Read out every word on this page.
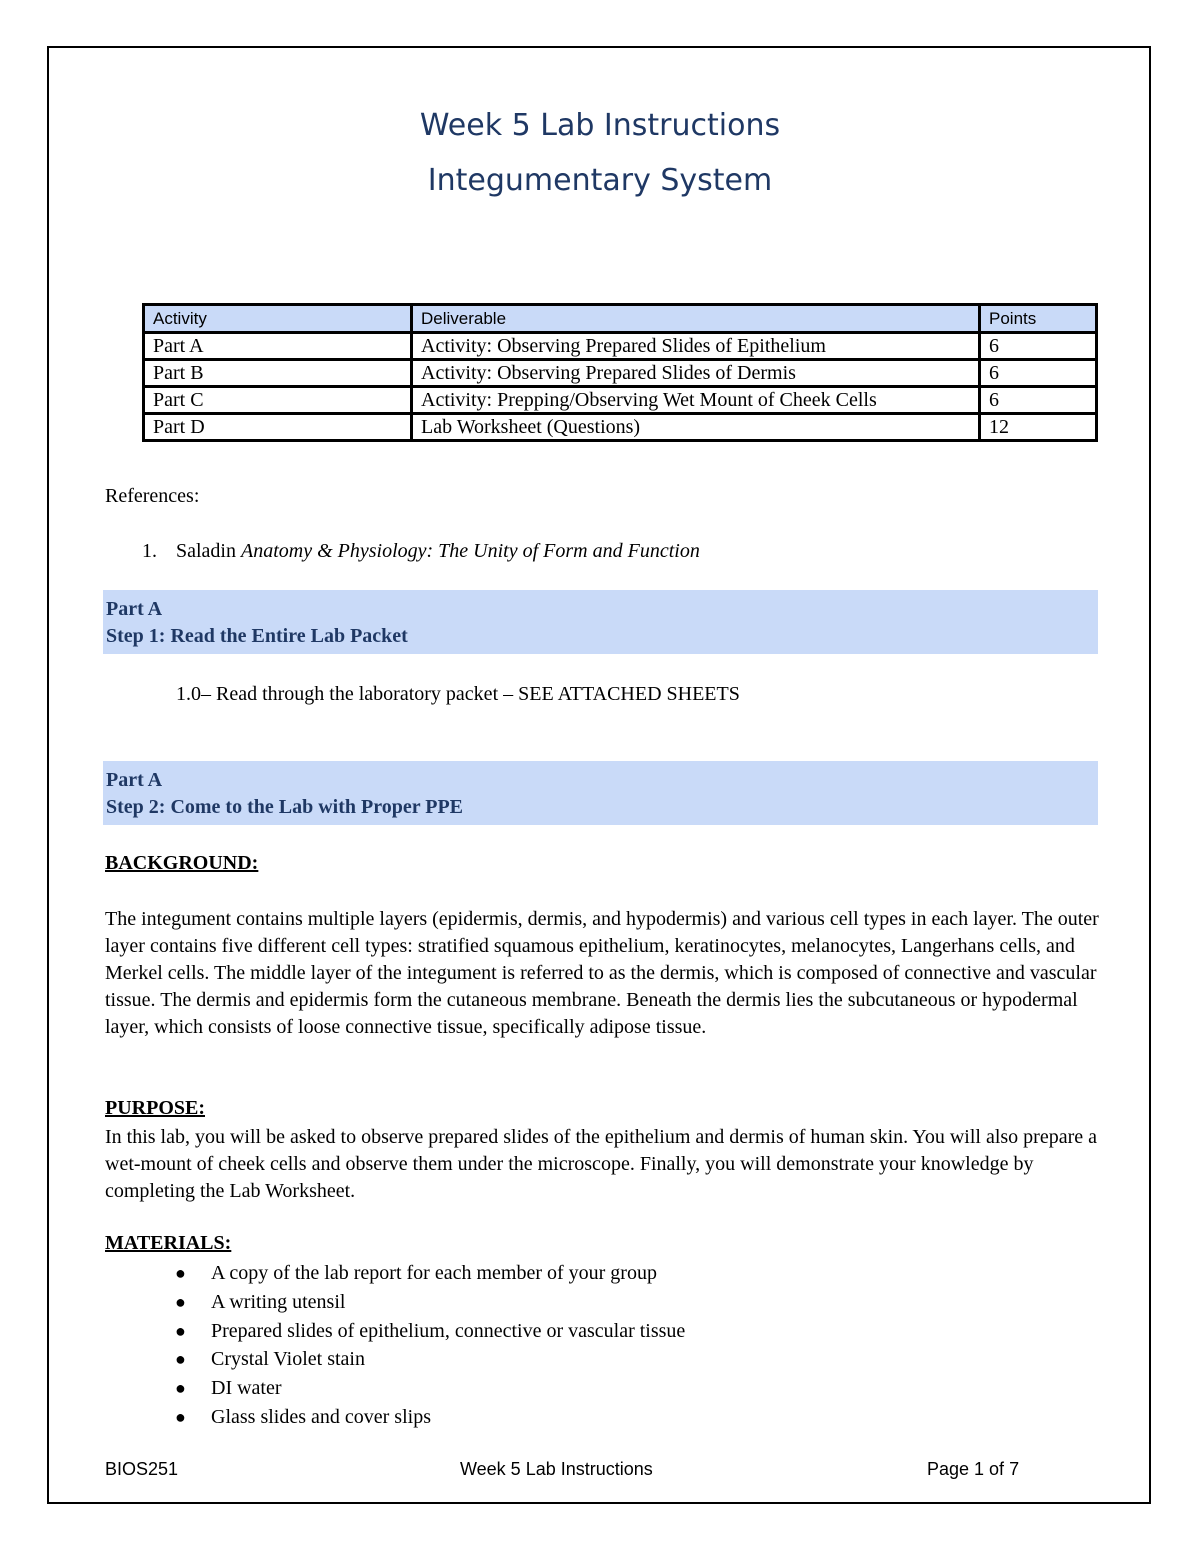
Week 5 Lab Instructions
Integumentary System
Activity	Deliverable	Points
Part A	Activity: Observing Prepared Slides of Epithelium	6
Part B	Activity: Observing Prepared Slides of Dermis	6
Part C	Activity: Prepping/Observing Wet Mount of Cheek Cells	6
Part D	Lab Worksheet (Questions)	12
References:
1. Saladin Anatomy & Physiology: The Unity of Form and Function
Part A
Step 1: Read the Entire Lab Packet
1.0– Read through the laboratory packet – SEE ATTACHED SHEETS
Part A
Step 2: Come to the Lab with Proper PPE
BACKGROUND:
The integument contains multiple layers (epidermis, dermis, and hypodermis) and various cell types in each layer. The outer layer contains five different cell types: stratified squamous epithelium, keratinocytes, melanocytes, Langerhans cells, and Merkel cells. The middle layer of the integument is referred to as the dermis, which is composed of connective and vascular tissue. The dermis and epidermis form the cutaneous membrane. Beneath the dermis lies the subcutaneous or hypodermal layer, which consists of loose connective tissue, specifically adipose tissue.
PURPOSE:
In this lab, you will be asked to observe prepared slides of the epithelium and dermis of human skin. You will also prepare a wet-mount of cheek cells and observe them under the microscope. Finally, you will demonstrate your knowledge by completing the Lab Worksheet.
MATERIALS:
● A copy of the lab report for each member of your group
● A writing utensil
● Prepared slides of epithelium, connective or vascular tissue
● Crystal Violet stain
● DI water
● Glass slides and cover slips
BIOS251	Week 5 Lab Instructions	Page 1 of 7
